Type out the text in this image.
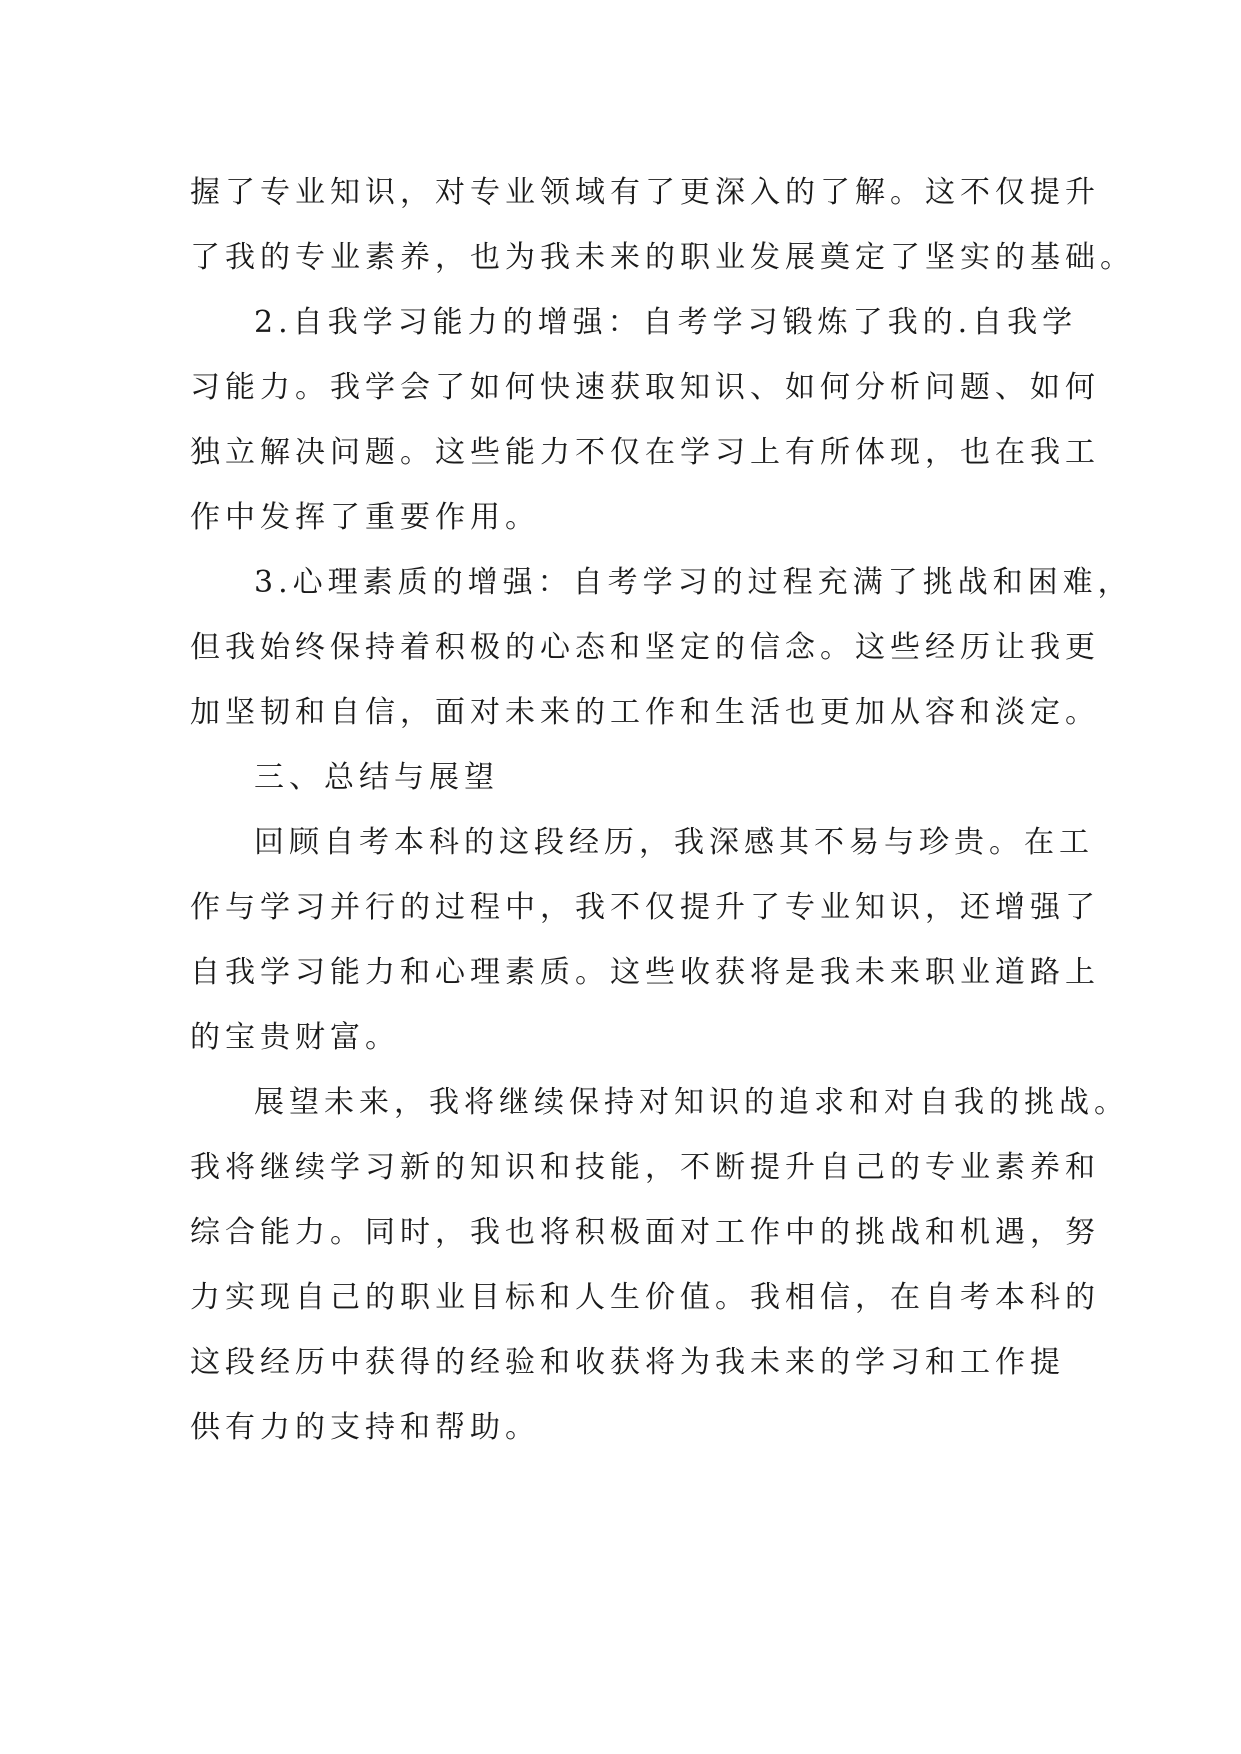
握了专业知识，对专业领域有了更深入的了解。这不仅提升
了我的专业素养，也为我未来的职业发展奠定了坚实的基础。
2.自我学习能力的增强：自考学习锻炼了我的.自我学
习能力。我学会了如何快速获取知识、如何分析问题、如何
独立解决问题。这些能力不仅在学习上有所体现，也在我工
作中发挥了重要作用。
3.心理素质的增强：自考学习的过程充满了挑战和困难，
但我始终保持着积极的心态和坚定的信念。这些经历让我更
加坚韧和自信，面对未来的工作和生活也更加从容和淡定。
三、总结与展望
回顾自考本科的这段经历，我深感其不易与珍贵。在工
作与学习并行的过程中，我不仅提升了专业知识，还增强了
自我学习能力和心理素质。这些收获将是我未来职业道路上
的宝贵财富。
展望未来，我将继续保持对知识的追求和对自我的挑战。
我将继续学习新的知识和技能，不断提升自己的专业素养和
综合能力。同时，我也将积极面对工作中的挑战和机遇，努
力实现自己的职业目标和人生价值。我相信，在自考本科的
这段经历中获得的经验和收获将为我未来的学习和工作提
供有力的支持和帮助。
